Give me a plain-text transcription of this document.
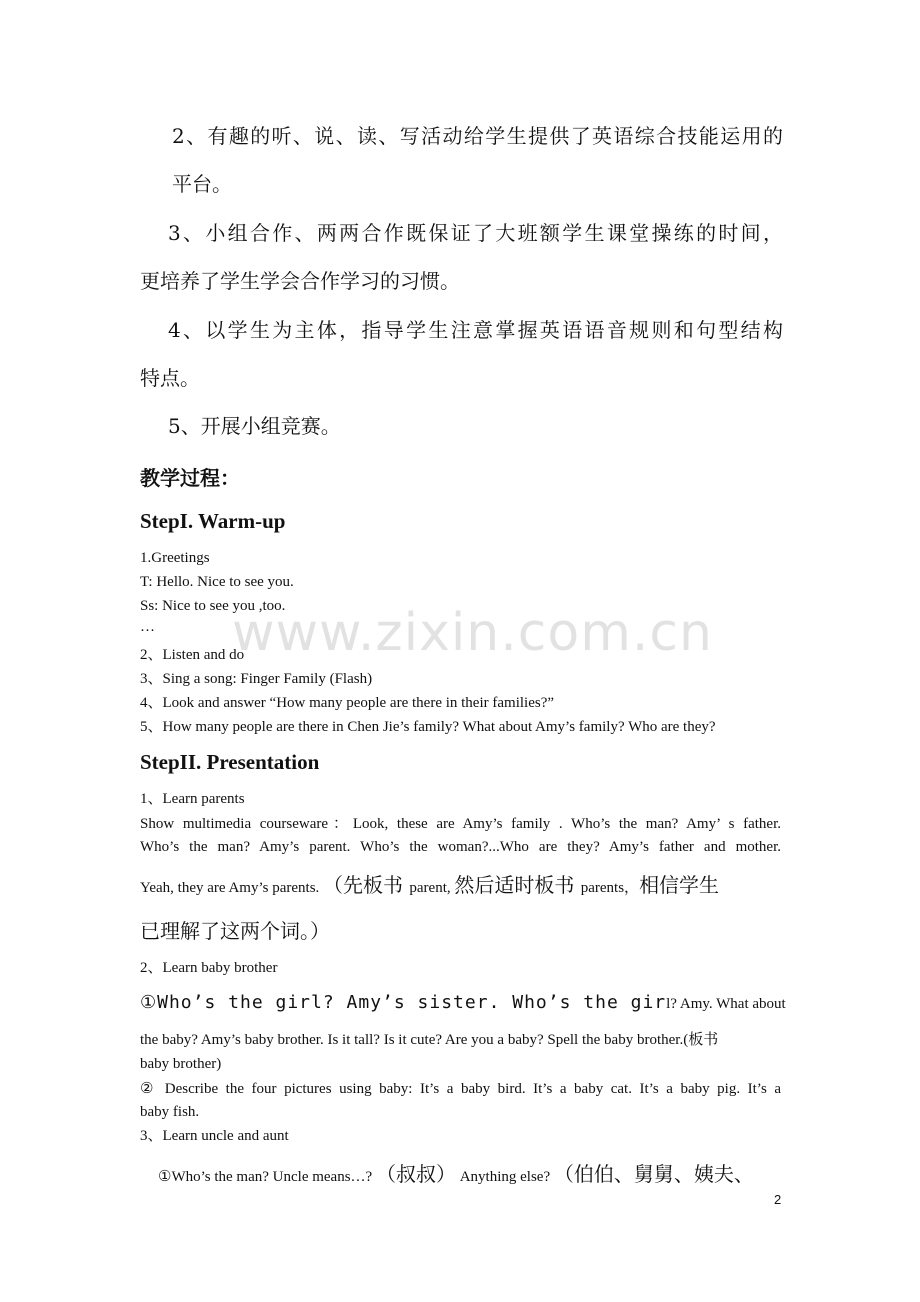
2、有趣的听、说、读、写活动给学生提供了英语综合技能运用的
平台。
3、小组合作、两两合作既保证了大班额学生课堂操练的时间，
更培养了学生学会合作学习的习惯。
4、以学生为主体，指导学生注意掌握英语语音规则和句型结构
特点。
5、开展小组竞赛。
教学过程：
StepI. Warm-up
1.Greetings
T: Hello. Nice to see you.
Ss: Nice to see you ,too.
…
2、Listen and do
3、Sing a song: Finger Family (Flash)
4、Look and answer “How many people are there in their families?”
5、How many people are there in Chen Jie’s family? What about Amy’s family? Who are they?
www.zixin.com.cn
StepII. Presentation
1、Learn parents
Show multimedia courseware：Look, these are Amy’s family . Who’s the man? Amy’ s father.
Who’s the man? Amy’s parent. Who’s the woman?...Who are they? Amy’s father and mother.
Yeah, they are Amy’s parents. （先板书 parent, 然后适时板书 parents，相信学生
已理解了这两个词。）
2、Learn baby brother
①Who’s the girl? Amy’s sister. Who’s the girl? Amy. What about
the baby? Amy’s baby brother. Is it tall? Is it cute? Are you a baby? Spell the baby brother.(板书
baby brother)
② Describe the four pictures using baby: It’s a baby bird. It’s a baby cat. It’s a baby pig. It’s a
baby fish.
3、Learn uncle and aunt
①Who’s the man? Uncle means…? （叔叔） Anything else? （伯伯、舅舅、姨夫、
2
